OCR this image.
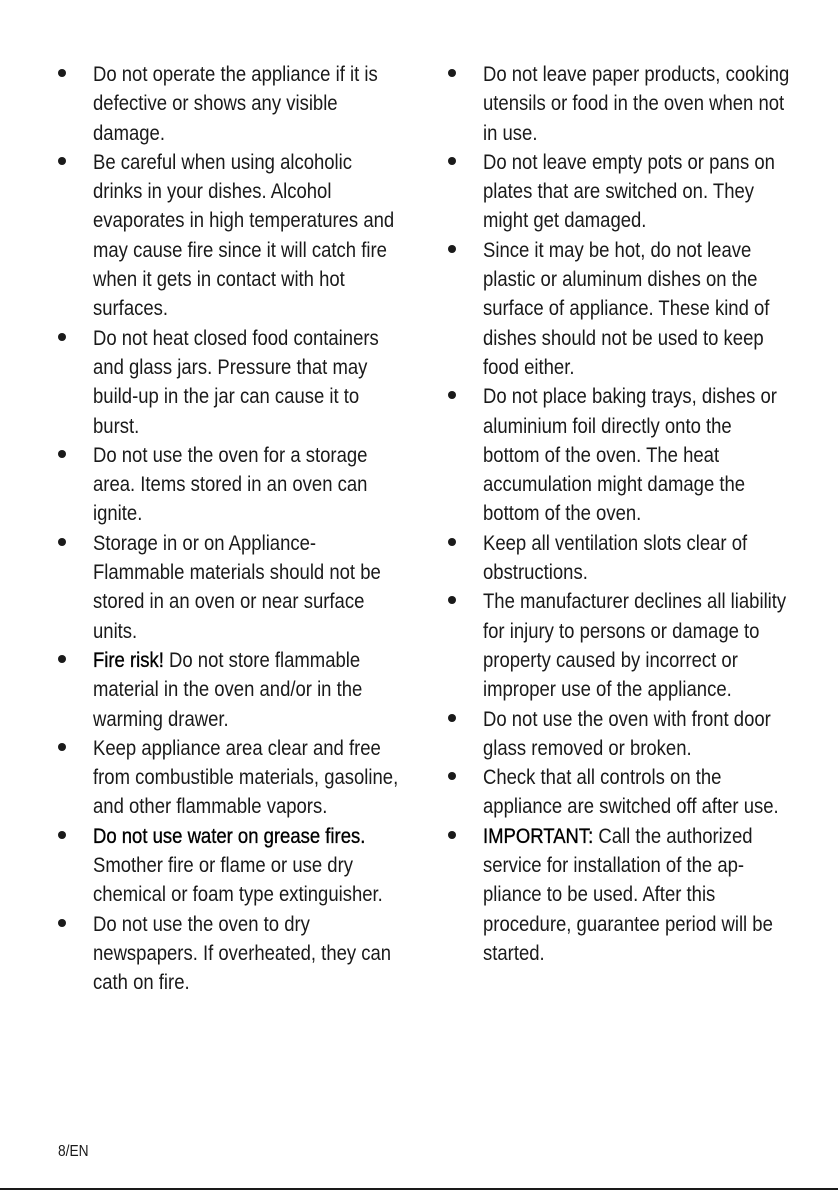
Do not operate the appliance if it is defective or shows any visible damage.
Be careful when using alcoholic drinks in your dishes. Alcohol evaporates in high temperatures and may cause fire since it will catch fire when it gets in contact with hot surfaces.
Do not heat closed food containers and glass jars. Pressure that may build-up in the jar can cause it to burst.
Do not use the oven for a storage area. Items stored in an oven can ignite.
Storage in or on Appliance- Flammable materials should not be stored in an oven or near surface units.
Fire risk! Do not store flammable material in the oven and/or in the warming drawer.
Keep appliance area clear and free from combustible materials, gasoline, and other flammable vapors.
Do not use water on grease fires. Smother fire or flame or use dry chemical or foam type extinguisher.
Do not use the oven to dry newspapers. If overheated, they can cath on fire.
Do not leave paper products, cooking utensils or food in the oven when not in use.
Do not leave empty pots or pans on plates that are switched on. They might get damaged.
Since it may be hot, do not leave plastic or aluminum dishes on the surface of appliance. These kind of dishes should not be used to keep food either.
Do not place baking trays, dishes or aluminium foil directly onto the bottom of the oven. The heat accumulation might damage the bottom of the oven.
Keep all ventilation slots clear of obstructions.
The manufacturer declines all liability for injury to persons or damage to property caused by incorrect or improper use of the appliance.
Do not use the oven with front door glass removed or broken.
Check that all controls on the appliance are switched off after use.
IMPORTANT: Call the authorized service for installation of the ap- pliance to be used. After this procedure, guarantee period will be started.
8/EN
